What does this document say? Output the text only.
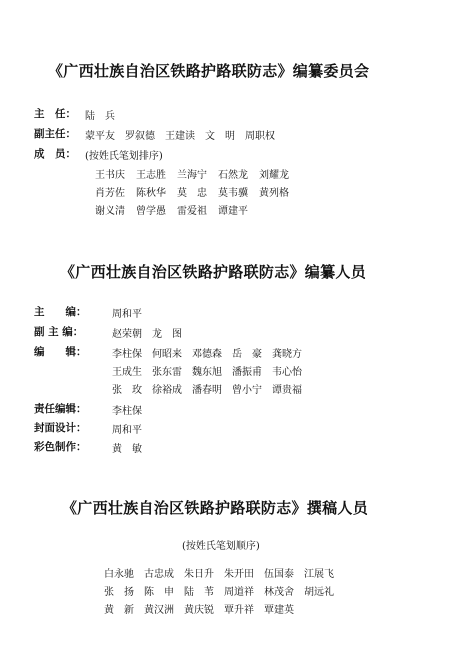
《广西壮族自治区铁路护路联防志》编纂委员会
主　任： 陆　兵
副主任： 蒙平友　罗叙德　王建读　文　明　周职权
成　员： (按姓氏笔划排序)
王书庆 王志胜 兰海宁 石然龙 刘耀龙
肖芳佐 陈秋华 莫　忠 莫韦骥 黄列格
谢义清 曾学愚 雷爱祖 谭建平
《广西壮族自治区铁路护路联防志》编纂人员
主　　编：	周和平
副 主 编：	赵荣朝　龙　图
编　　辑：	李柱保 何昭来 邓德森 岳　豪 龚晓方
王成生 张东雷 魏东旭 潘振甫 韦心怡
张　玫 徐裕成 潘春明 曾小宁 谭贵福
责任编辑：	李柱保
封面设计：	周和平
彩色制作：	黄　敏
《广西壮族自治区铁路护路联防志》撰稿人员
(按姓氏笔划顺序)
白永驰 古忠成 朱日升 朱开田 伍国泰 江展飞
张　扬 陈　申 陆　苇 周道祥 林茂舍 胡远礼
黄　新 黄汉洲 黄庆锐 覃升祥 覃建英
